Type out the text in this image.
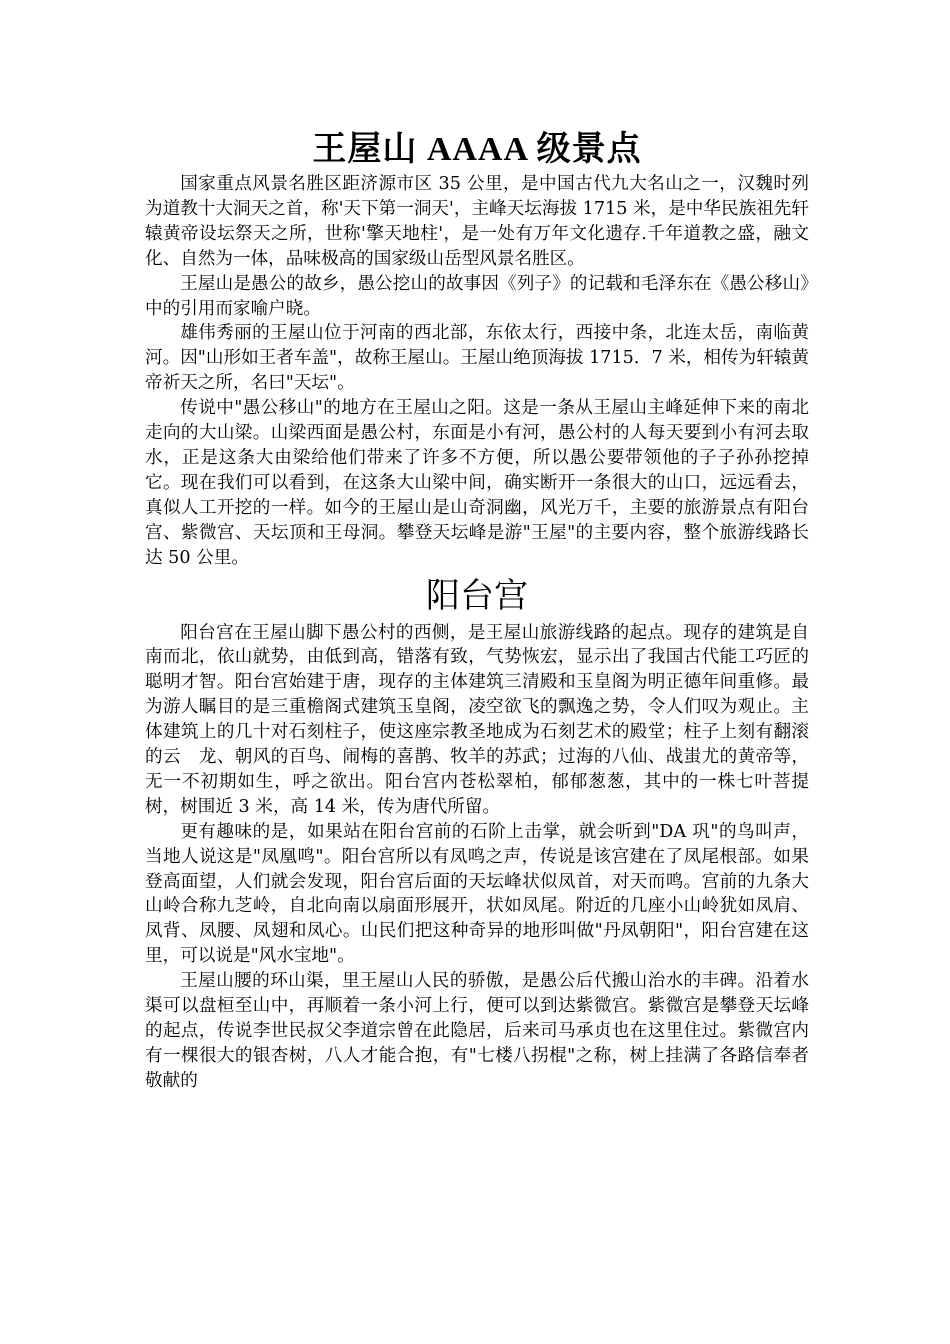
王屋山 AAAA 级景点

国家重点风景名胜区距济源市区 35 公里，是中国古代九大名山之一，汉魏时列为道教十大洞天之首，称'天下第一洞天'，主峰天坛海拔 1715 米，是中华民族祖先轩辕黄帝设坛祭天之所，世称'擎天地柱'，是一处有万年文化遗存.千年道教之盛，融文化、自然为一体，品味极高的国家级山岳型风景名胜区。

王屋山是愚公的故乡，愚公挖山的故事因《列子》的记载和毛泽东在《愚公移山》中的引用而家喻户晓。

雄伟秀丽的王屋山位于河南的西北部，东依太行，西接中条，北连太岳，南临黄河。因"山形如王者车盖"，故称王屋山。王屋山绝顶海拔 1715．7 米，相传为轩辕黄帝祈天之所，名曰"天坛"。

传说中"愚公移山"的地方在王屋山之阳。这是一条从王屋山主峰延伸下来的南北走向的大山梁。山梁西面是愚公村，东面是小有河，愚公村的人每天要到小有河去取水，正是这条大由梁给他们带来了许多不方便，所以愚公要带领他的子子孙孙挖掉它。现在我们可以看到，在这条大山梁中间，确实断开一条很大的山口，远远看去，真似人工开挖的一样。如今的王屋山是山奇洞幽，风光万千，主要的旅游景点有阳台宫、紫微宫、天坛顶和王母洞。攀登天坛峰是游"王屋"的主要内容，整个旅游线路长达 50 公里。

阳台宫

阳台宫在王屋山脚下愚公村的西侧，是王屋山旅游线路的起点。现存的建筑是自南而北，依山就势，由低到高，错落有致，气势恢宏，显示出了我国古代能工巧匠的聪明才智。阳台宫始建于唐，现存的主体建筑三清殿和玉皇阁为明正德年间重修。最为游人瞩目的是三重檐阁式建筑玉皇阁，凌空欲飞的飘逸之势，令人们叹为观止。主体建筑上的几十对石刻柱子，使这座宗教圣地成为石刻艺术的殿堂；柱子上刻有翻滚的云　龙、朝风的百鸟、闹梅的喜鹊、牧羊的苏武；过海的八仙、战蚩尤的黄帝等，无一不初期如生，呼之欲出。阳台宫内苍松翠柏，郁郁葱葱，其中的一株七叶菩提树，树围近 3 米，高 14 米，传为唐代所留。

更有趣味的是，如果站在阳台宫前的石阶上击掌，就会听到"DA 巩"的鸟叫声，当地人说这是"凤凰鸣"。阳台宫所以有凤鸣之声，传说是该宫建在了凤尾根部。如果登高面望，人们就会发现，阳台宫后面的天坛峰状似凤首，对天而鸣。宫前的九条大山岭合称九芝岭，自北向南以扇面形展开，状如凤尾。附近的几座小山岭犹如凤肩、凤背、凤腰、凤翅和凤心。山民们把这种奇异的地形叫做"丹凤朝阳"，阳台宫建在这里，可以说是"风水宝地"。

王屋山腰的环山渠，里王屋山人民的骄傲，是愚公后代搬山治水的丰碑。沿着水渠可以盘桓至山中，再顺着一条小河上行，便可以到达紫微宫。紫微宫是攀登天坛峰的起点，传说李世民叔父李道宗曾在此隐居，后来司马承贞也在这里住过。紫微宫内有一棵很大的银杏树，八人才能合抱，有"七楼八拐棍"之称，树上挂满了各路信奉者敬献的
